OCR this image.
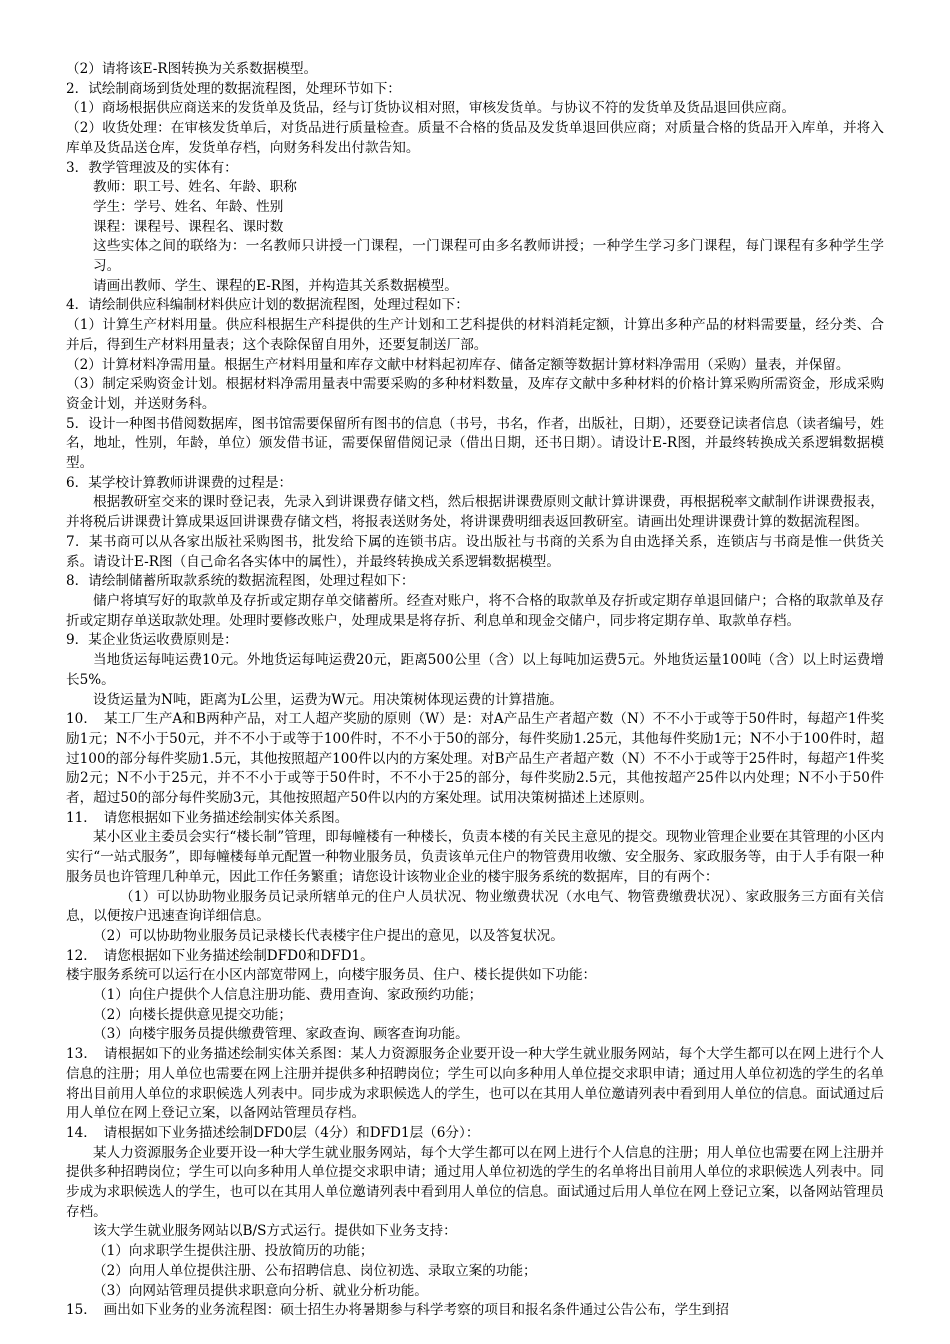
（2）请将该E-R图转换为关系数据模型。

2．试绘制商场到货处理的数据流程图，处理环节如下：

（1）商场根据供应商送来的发货单及货品，经与订货协议相对照，审核发货单。与协议不符的发货单及货品退回供应商。

（2）收货处理：在审核发货单后，对货品进行质量检查。质量不合格的货品及发货单退回供应商；对质量合格的货品开入库单，并将入库单及货品送仓库，发货单存档，向财务科发出付款告知。

3．教学管理波及的实体有：

教师：职工号、姓名、年龄、职称

学生：学号、姓名、年龄、性别

课程：课程号、课程名、课时数

这些实体之间的联络为：一名教师只讲授一门课程，一门课程可由多名教师讲授；一种学生学习多门课程，每门课程有多种学生学习。

请画出教师、学生、课程的E-R图，并构造其关系数据模型。

4．请绘制供应科编制材料供应计划的数据流程图，处理过程如下：

（1）计算生产材料用量。供应科根据生产科提供的生产计划和工艺科提供的材料消耗定额，计算出多种产品的材料需要量，经分类、合并后，得到生产材料用量表；这个表除保留自用外，还要复制送厂部。

（2）计算材料净需用量。根据生产材料用量和库存文献中材料起初库存、储备定额等数据计算材料净需用（采购）量表，并保留。

（3）制定采购资金计划。根据材料净需用量表中需要采购的多种材料数量，及库存文献中多种材料的价格计算采购所需资金，形成采购资金计划，并送财务科。

5．设计一种图书借阅数据库，图书馆需要保留所有图书的信息（书号，书名，作者，出版社，日期），还要登记读者信息（读者编号，姓名，地址，性别，年龄，单位）颁发借书证，需要保留借阅记录（借出日期，还书日期）。请设计E-R图，并最终转换成关系逻辑数据模型。

6．某学校计算教师讲课费的过程是：

根据教研室交来的课时登记表，先录入到讲课费存储文档，然后根据讲课费原则文献计算讲课费，再根据税率文献制作讲课费报表，并将税后讲课费计算成果返回讲课费存储文档，将报表送财务处，将讲课费明细表返回教研室。请画出处理讲课费计算的数据流程图。

7．某书商可以从各家出版社采购图书，批发给下属的连锁书店。设出版社与书商的关系为自由选择关系，连锁店与书商是惟一供货关系。请设计E-R图（自己命名各实体中的属性），并最终转换成关系逻辑数据模型。

8．请绘制储蓄所取款系统的数据流程图，处理过程如下：

储户将填写好的取款单及存折或定期存单交储蓄所。经查对账户，将不合格的取款单及存折或定期存单退回储户；合格的取款单及存折或定期存单送取款处理。处理时要修改账户，处理成果是将存折、利息单和现金交储户，同步将定期存单、取款单存档。

9．某企业货运收费原则是：

当地货运每吨运费10元。外地货运每吨运费20元，距离500公里（含）以上每吨加运费5元。外地货运量100吨（含）以上时运费增长5%。

设货运量为N吨，距离为L公里，运费为W元。用决策树体现运费的计算措施。

10．　某工厂生产A和B两种产品，对工人超产奖励的原则（W）是：对A产品生产者超产数（N）不不小于或等于50件时，每超产1件奖励1元；N不小于50元，并不不小于或等于100件时，不不小于50的部分，每件奖励1.25元，其他每件奖励1元；N不小于100件时，超过100的部分每件奖励1.5元，其他按照超产100件以内的方案处理。对B产品生产者超产数（N）不不小于或等于25件时，每超产1件奖励2元；N不小于25元，并不不小于或等于50件时，不不小于25的部分，每件奖励2.5元，其他按超产25件以内处理；N不小于50件者，超过50的部分每件奖励3元，其他按照超产50件以内的方案处理。试用决策树描述上述原则。

11．　请您根据如下业务描述绘制实体关系图。

某小区业主委员会实行“楼长制”管理，即每幢楼有一种楼长，负责本楼的有关民主意见的提交。现物业管理企业要在其管理的小区内实行“一站式服务”，即每幢楼每单元配置一种物业服务员，负责该单元住户的物管费用收缴、安全服务、家政服务等，由于人手有限一种服务员也许管理几种单元，因此工作任务繁重；请您设计该物业企业的楼宇服务系统的数据库，目的有两个：

（1）可以协助物业服务员记录所辖单元的住户人员状况、物业缴费状况（水电气、物管费缴费状况）、家政服务三方面有关信息，以便按户迅速查询详细信息。

（2）可以协助物业服务员记录楼长代表楼宇住户提出的意见，以及答复状况。

12．　请您根据如下业务描述绘制DFD0和DFD1。

楼宇服务系统可以运行在小区内部宽带网上，向楼宇服务员、住户、楼长提供如下功能：

（1）向住户提供个人信息注册功能、费用查询、家政预约功能；

（2）向楼长提供意见提交功能；

（3）向楼宇服务员提供缴费管理、家政查询、顾客查询功能。

13．　请根据如下的业务描述绘制实体关系图：某人力资源服务企业要开设一种大学生就业服务网站，每个大学生都可以在网上进行个人信息的注册；用人单位也需要在网上注册并提供多种招聘岗位；学生可以向多种用人单位提交求职申请；通过用人单位初选的学生的名单将出目前用人单位的求职候选人列表中。同步成为求职候选人的学生，也可以在其用人单位邀请列表中看到用人单位的信息。面试通过后用人单位在网上登记立案，以备网站管理员存档。

14．　请根据如下业务描述绘制DFD0层（4分）和DFD1层（6分）：

某人力资源服务企业要开设一种大学生就业服务网站，每个大学生都可以在网上进行个人信息的注册；用人单位也需要在网上注册并提供多种招聘岗位；学生可以向多种用人单位提交求职申请；通过用人单位初选的学生的名单将出目前用人单位的求职候选人列表中。同步成为求职候选人的学生，也可以在其用人单位邀请列表中看到用人单位的信息。面试通过后用人单位在网上登记立案，以备网站管理员存档。

该大学生就业服务网站以B/S方式运行。提供如下业务支持：

（1）向求职学生提供注册、投放简历的功能；

（2）向用人单位提供注册、公布招聘信息、岗位初选、录取立案的功能；

（3）向网站管理员提供求职意向分析、就业分析功能。

15．　画出如下业务的业务流程图：硕士招生办将暑期参与科学考察的项目和报名条件通过公告公布，学生到招
